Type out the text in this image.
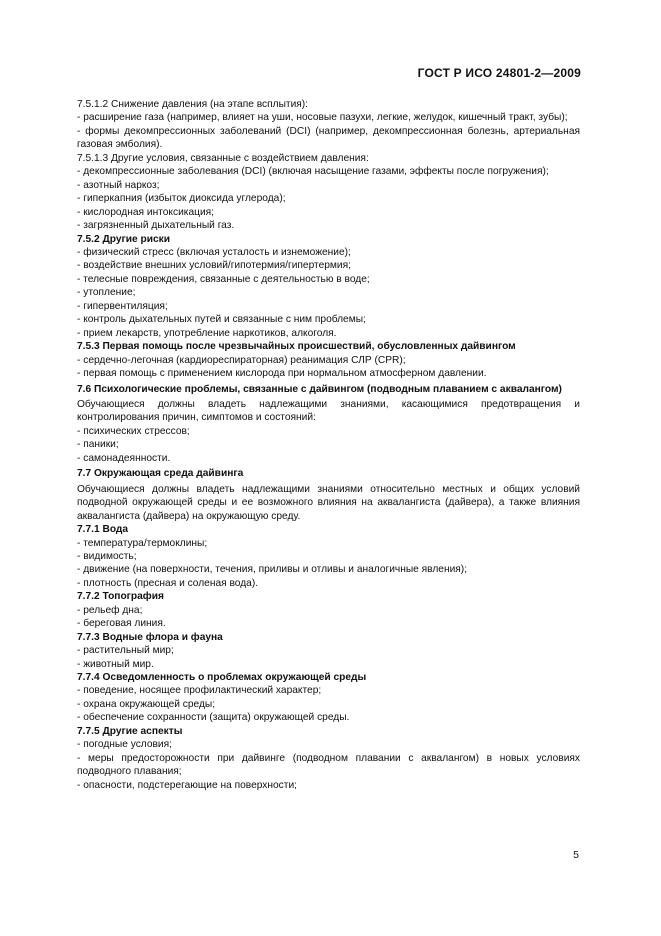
ГОСТ Р ИСО 24801-2—2009

7.5.1.2 Снижение давления (на этапе всплытия):

- расширение газа (например, влияет на уши, носовые пазухи, легкие, желудок, кишечный тракт, зубы);

- формы декомпрессионных заболеваний (DCI) (например, декомпрессионная болезнь, артериальная газовая эмболия).

7.5.1.3 Другие условия, связанные с воздействием давления:

- декомпрессионные заболевания (DCI) (включая насыщение газами, эффекты после погружения);

- азотный наркоз;

- гиперкапния (избыток диоксида углерода);

- кислородная интоксикация;

- загрязненный дыхательный газ.

7.5.2 Другие риски

- физический стресс (включая усталость и изнеможение);

- воздействие внешних условий/гипотермия/гипертермия;

- телесные повреждения, связанные с деятельностью в воде;

- утопление;

- гипервентиляция;

- контроль дыхательных путей и связанные с ним проблемы;

- прием лекарств, употребление наркотиков, алкоголя.

7.5.3 Первая помощь после чрезвычайных происшествий, обусловленных дайвингом

- сердечно-легочная (кардиореспираторная) реанимация СЛР (CPR);

- первая помощь с применением кислорода при нормальном атмосферном давлении.

7.6 Психологические проблемы, связанные с дайвингом (подводным плаванием с аквалангом)

Обучающиеся должны владеть надлежащими знаниями, касающимися предотвращения и контролирования причин, симптомов и состояний:

- психических стрессов;

- паники;

- самонадеянности.

7.7 Окружающая среда дайвинга

Обучающиеся должны владеть надлежащими знаниями относительно местных и общих условий подводной окружающей среды и ее возможного влияния на аквалангиста (дайвера), а также влияния аквалангиста (дайвера) на окружающую среду.

7.7.1 Вода

- температура/термоклины;

- видимость;

- движение (на поверхности, течения, приливы и отливы и аналогичные явления);

- плотность (пресная и соленая вода).

7.7.2 Топография

- рельеф дна;

- береговая линия.

7.7.3 Водные флора и фауна

- растительный мир;

- животный мир.

7.7.4 Осведомленность о проблемах окружающей среды

- поведение, носящее профилактический характер;

- охрана окружающей среды;

- обеспечение сохранности (защита) окружающей среды.

7.7.5 Другие аспекты

- погодные условия;

- меры предосторожности при дайвинге (подводном плавании с аквалангом) в новых условиях подводного плавания;

- опасности, подстерегающие на поверхности;

5
